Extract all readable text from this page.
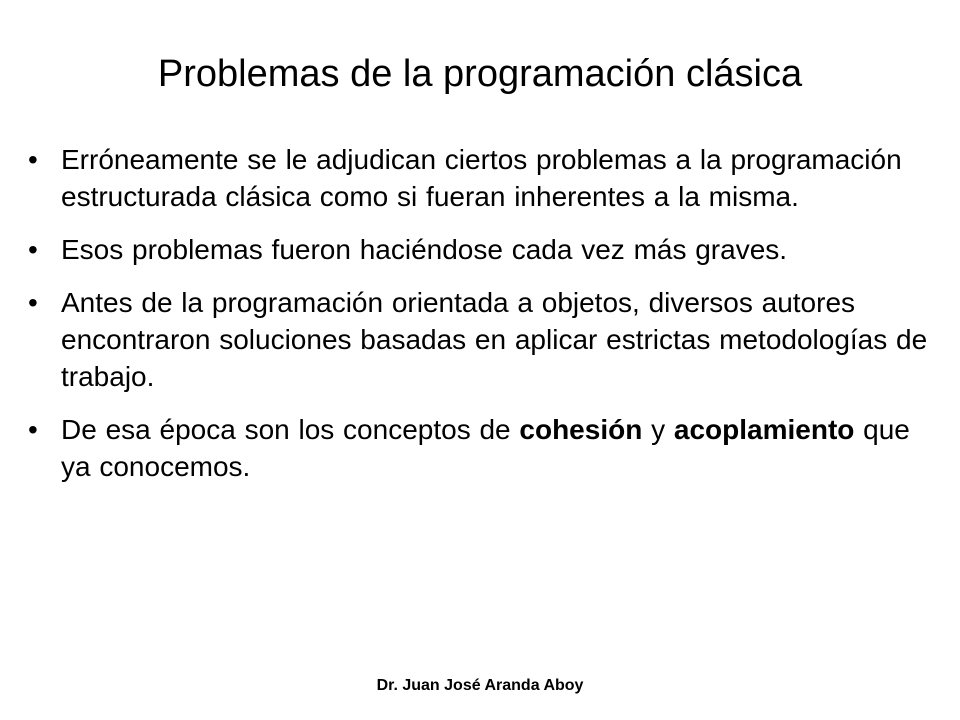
Problemas de la programación clásica
• Erróneamente se le adjudican ciertos problemas a la programación estructurada clásica como si fueran inherentes a la misma.
• Esos problemas fueron haciéndose cada vez más graves.
• Antes de la programación orientada a objetos, diversos autores encontraron soluciones basadas en aplicar estrictas metodologías de trabajo.
• De esa época son los conceptos de cohesión y acoplamiento que ya conocemos.
Dr. Juan José Aranda Aboy
